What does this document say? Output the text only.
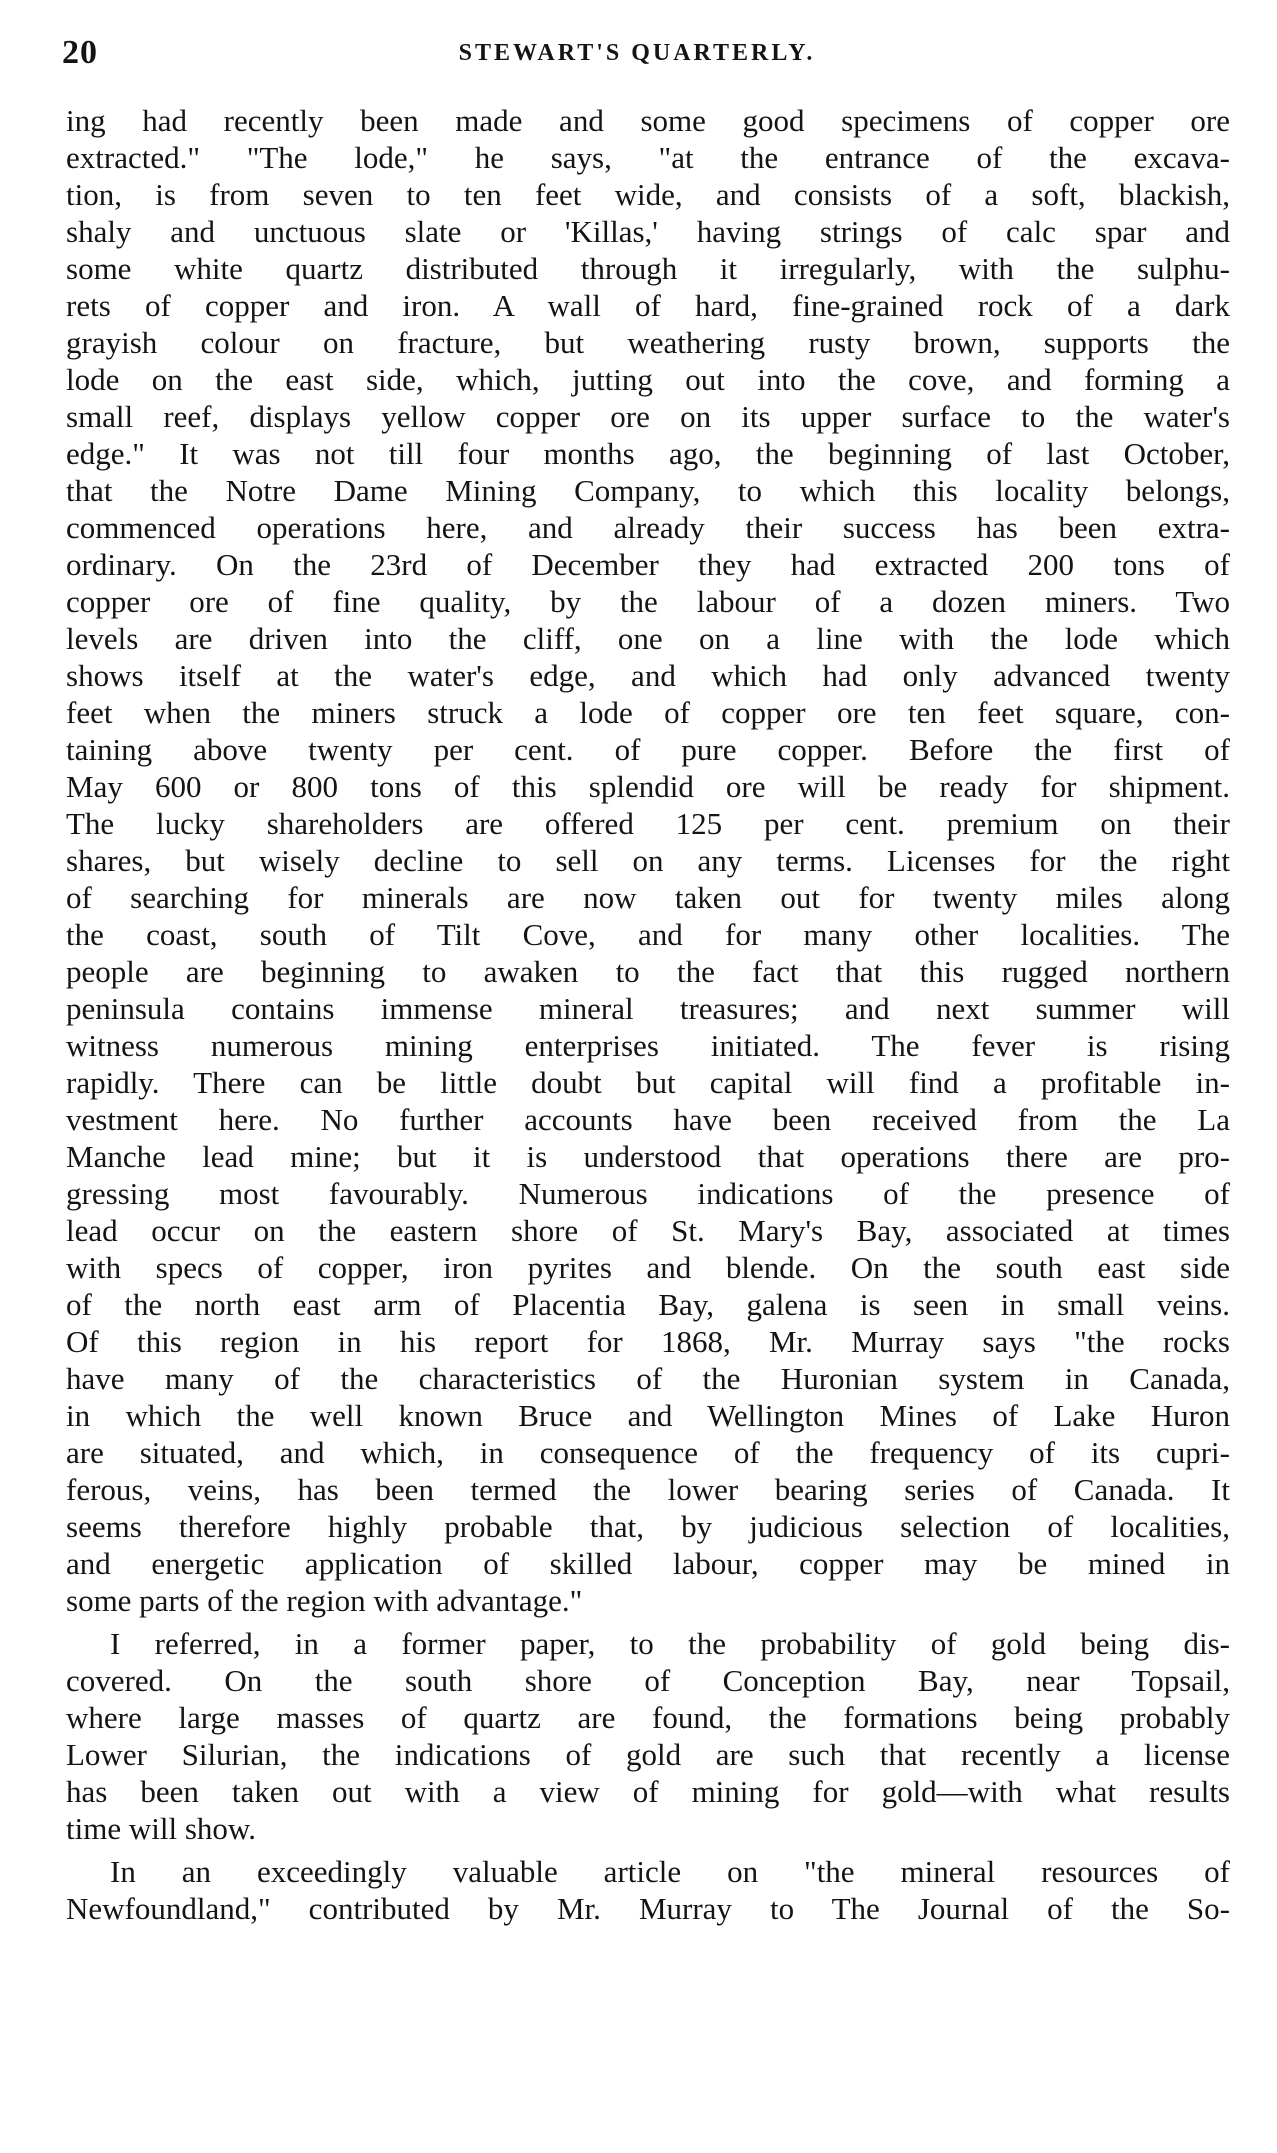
20	STEWART'S QUARTERLY.
ing had recently been made and some good specimens of copper ore
extracted." "The lode," he says, "at the entrance of the excava-
tion, is from seven to ten feet wide, and consists of a soft, blackish,
shaly and unctuous slate or 'Killas,' having strings of calc spar and
some white quartz distributed through it irregularly, with the sulphu-
rets of copper and iron. A wall of hard, fine-grained rock of a dark
grayish colour on fracture, but weathering rusty brown, supports the
lode on the east side, which, jutting out into the cove, and forming a
small reef, displays yellow copper ore on its upper surface to the water's
edge." It was not till four months ago, the beginning of last October,
that the Notre Dame Mining Company, to which this locality belongs,
commenced operations here, and already their success has been extra-
ordinary. On the 23rd of December they had extracted 200 tons of
copper ore of fine quality, by the labour of a dozen miners. Two
levels are driven into the cliff, one on a line with the lode which
shows itself at the water's edge, and which had only advanced twenty
feet when the miners struck a lode of copper ore ten feet square, con-
taining above twenty per cent. of pure copper. Before the first of
May 600 or 800 tons of this splendid ore will be ready for shipment.
The lucky shareholders are offered 125 per cent. premium on their
shares, but wisely decline to sell on any terms. Licenses for the right
of searching for minerals are now taken out for twenty miles along
the coast, south of Tilt Cove, and for many other localities. The
people are beginning to awaken to the fact that this rugged northern
peninsula contains immense mineral treasures; and next summer will
witness numerous mining enterprises initiated. The fever is rising
rapidly. There can be little doubt but capital will find a profitable in-
vestment here. No further accounts have been received from the La
Manche lead mine; but it is understood that operations there are pro-
gressing most favourably. Numerous indications of the presence of
lead occur on the eastern shore of St. Mary's Bay, associated at times
with specs of copper, iron pyrites and blende. On the south east side
of the north east arm of Placentia Bay, galena is seen in small veins.
Of this region in his report for 1868, Mr. Murray says "the rocks
have many of the characteristics of the Huronian system in Canada,
in which the well known Bruce and Wellington Mines of Lake Huron
are situated, and which, in consequence of the frequency of its cupri-
ferous, veins, has been termed the lower bearing series of Canada. It
seems therefore highly probable that, by judicious selection of localities,
and energetic application of skilled labour, copper may be mined in
some parts of the region with advantage."
I referred, in a former paper, to the probability of gold being dis-
covered. On the south shore of Conception Bay, near Topsail,
where large masses of quartz are found, the formations being probably
Lower Silurian, the indications of gold are such that recently a license
has been taken out with a view of mining for gold—with what results
time will show.
In an exceedingly valuable article on "the mineral resources of
Newfoundland," contributed by Mr. Murray to The Journal of the So-
